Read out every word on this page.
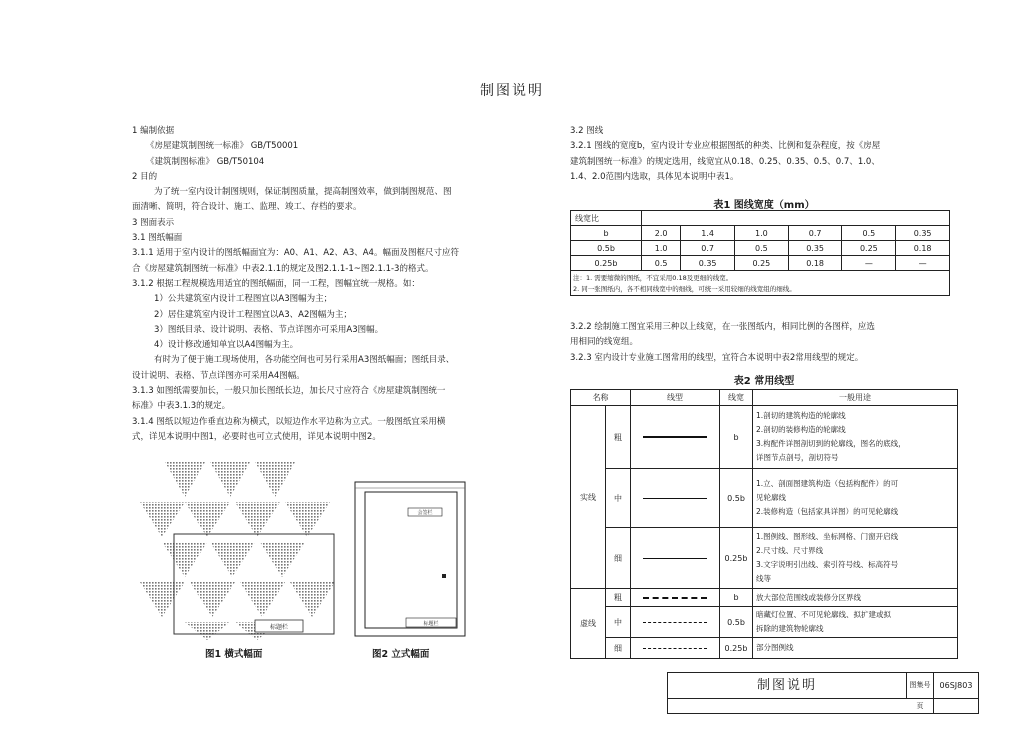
制图说明

1 编制依据

《房屋建筑制图统一标准》 GB/T50001

《建筑制图标准》 GB/T50104

2 目的

为了统一室内设计制图规则，保证制图质量，提高制图效率，做到制图规范、图

面清晰、简明，符合设计、施工、监理、竣工、存档的要求。

3 图面表示

3.1 图纸幅面

3.1.1 适用于室内设计的图纸幅面宜为：A0、A1、A2、A3、A4。幅面及图框尺寸应符

合《房屋建筑制图统一标准》中表2.1.1的规定及图2.1.1-1~图2.1.1-3的格式。

3.1.2 根据工程规模选用适宜的图纸幅面，同一工程，图幅宜统一规格。如：

1）公共建筑室内设计工程图宜以A3图幅为主；

2）居住建筑室内设计工程图宜以A3、A2图幅为主；

3）图纸目录、设计说明、表格、节点详图亦可采用A3图幅。

4）设计修改通知单宜以A4图幅为主。

有时为了便于施工现场使用，各功能空间也可另行采用A3图纸幅面；图纸目录、

设计说明、表格、节点详图亦可采用A4图幅。

3.1.3 如图纸需要加长，一般只加长图纸长边，加长尺寸应符合《房屋建筑制图统一

标准》中表3.1.3的规定。

3.1.4 图纸以短边作垂直边称为横式，以短边作水平边称为立式。一般图纸宜采用横

式，详见本说明中图1，必要时也可立式使用，详见本说明中图2。

标题栏
图1 横式幅面
会签栏
标题栏
图2 立式幅面

3.2 图线

3.2.1 图线的宽度b，室内设计专业应根据图纸的种类、比例和复杂程度，按《房屋

建筑制图统一标准》的规定选用，线宽宜从0.18、0.25、0.35、0.5、0.7、1.0、

1.4、2.0范围内选取，具体见本说明中表1。

表1 图线宽度（mm）
线宽比						
b	2.0	1.4	1.0	0.7	0.5	0.35
0.5b	1.0	0.7	0.5	0.35	0.25	0.18
0.25b	0.5	0.35	0.25	0.18	—	—
注：1. 需要缩微的图纸，不宜采用0.18及更细的线宽。
2. 同一张图纸内，各不相同线宽中的细线，可统一采用较细的线宽组的细线。

3.2.2 绘制施工图宜采用三种以上线宽，在一张图纸内，相同比例的各图样，应选

用相同的线宽组。

3.2.3 室内设计专业施工图常用的线型，宜符合本说明中表2常用线型的规定。

表2 常用线型
名称		线型	线宽	一般用途
实线	粗		b	1.剖切的建筑构造的轮廓线
2.剖切的装修构造的轮廓线
3.构配件详图剖切到的轮廓线，图名的底线，
详图节点剖号，剖切符号

	中		0.5b	1.立、剖面图建筑构造（包括构配件）的可
见轮廓线
2.装修构造（包括家具详图）的可见轮廓线

	细		0.25b	1.图例线、图形线、坐标网格、门窗开启线
2.尺寸线、尺寸界线
3.文字说明引出线、索引符号线、标高符号
线等

虚线	粗		b	放大部位范围线或装修分区界线

	中		0.5b	暗藏灯位置、不可见轮廓线、拟扩建或拟
拆除的建筑物轮廓线

	细		0.25b	部分图例线
制图说明	图集号	06SJ803
页
